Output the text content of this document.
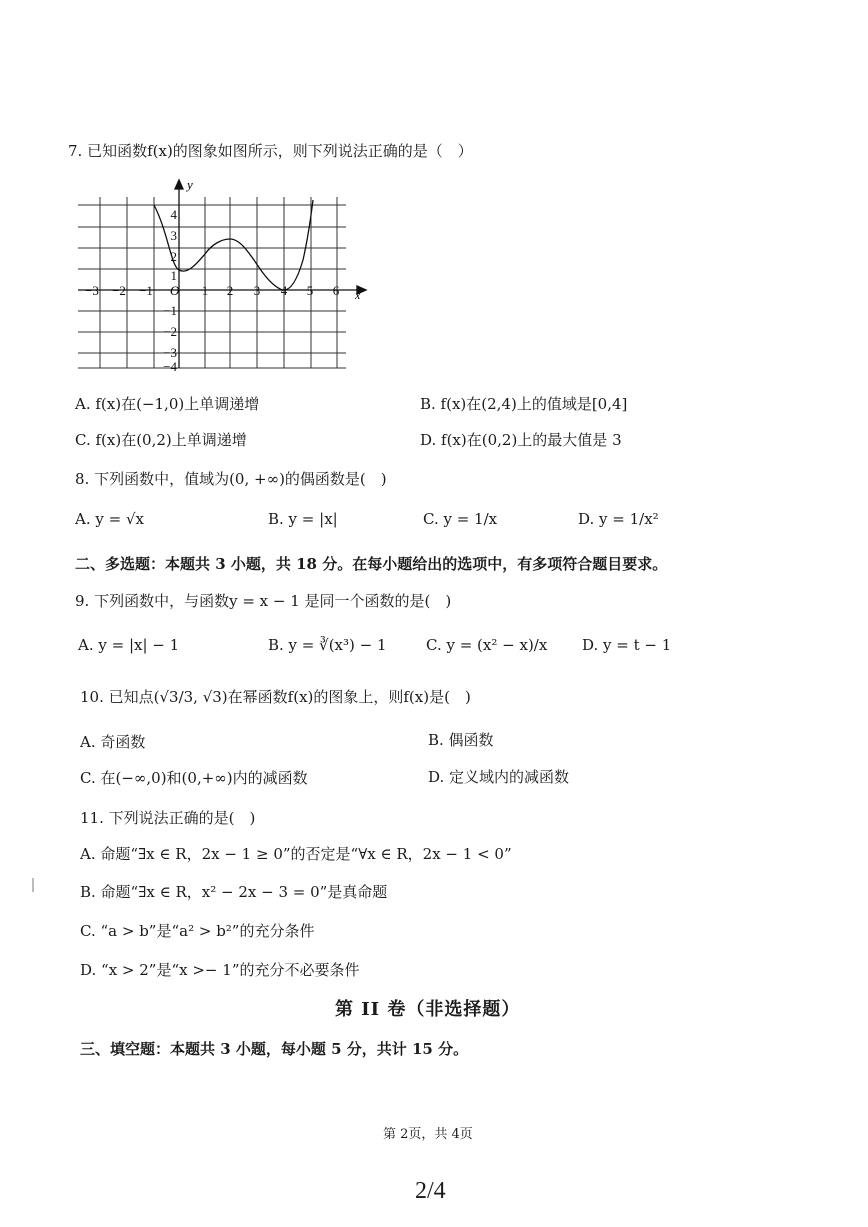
7. 已知函数f(x)的图象如图所示，则下列说法正确的是（　）
y
x
O
−3 −2 −1	1 2 3 4 5 6
4
3
2
1
−1
−2
−3
−4
A. f(x)在(−1,0)上单调递增	B. f(x)在(2,4)上的值域是[0,4]
C. f(x)在(0,2)上单调递增	D. f(x)在(0,2)上的最大值是 3
8. 下列函数中，值域为(0, +∞)的偶函数是(　)
A. y = √x	B. y = |x|	C. y = 1/x	D. y = 1/x²
二、多选题：本题共 3 小题，共 18 分。在每小题给出的选项中，有多项符合题目要求。
9. 下列函数中，与函数y = x − 1 是同一个函数的是(　)
A. y = |x| − 1	B. y = ∛(x³) − 1	C. y = (x² − x)/x D. y = t − 1
10. 已知点(√3/3, √3)在幂函数f(x)的图象上，则f(x)是(　)
A. 奇函数	B. 偶函数
C. 在(−∞,0)和(0,+∞)内的减函数	D. 定义域内的减函数
11. 下列说法正确的是(　)
A. 命题“∃x ∈ R，2x − 1 ≥ 0”的否定是“∀x ∈ R，2x − 1 < 0”
B. 命题“∃x ∈ R，x² − 2x − 3 = 0”是真命题
C. “a > b”是“a² > b²”的充分条件
D. “x > 2”是“x >− 1”的充分不必要条件
第 II 卷（非选择题）
三、填空题：本题共 3 小题，每小题 5 分，共计 15 分。
第 2页，共 4页
2/4
